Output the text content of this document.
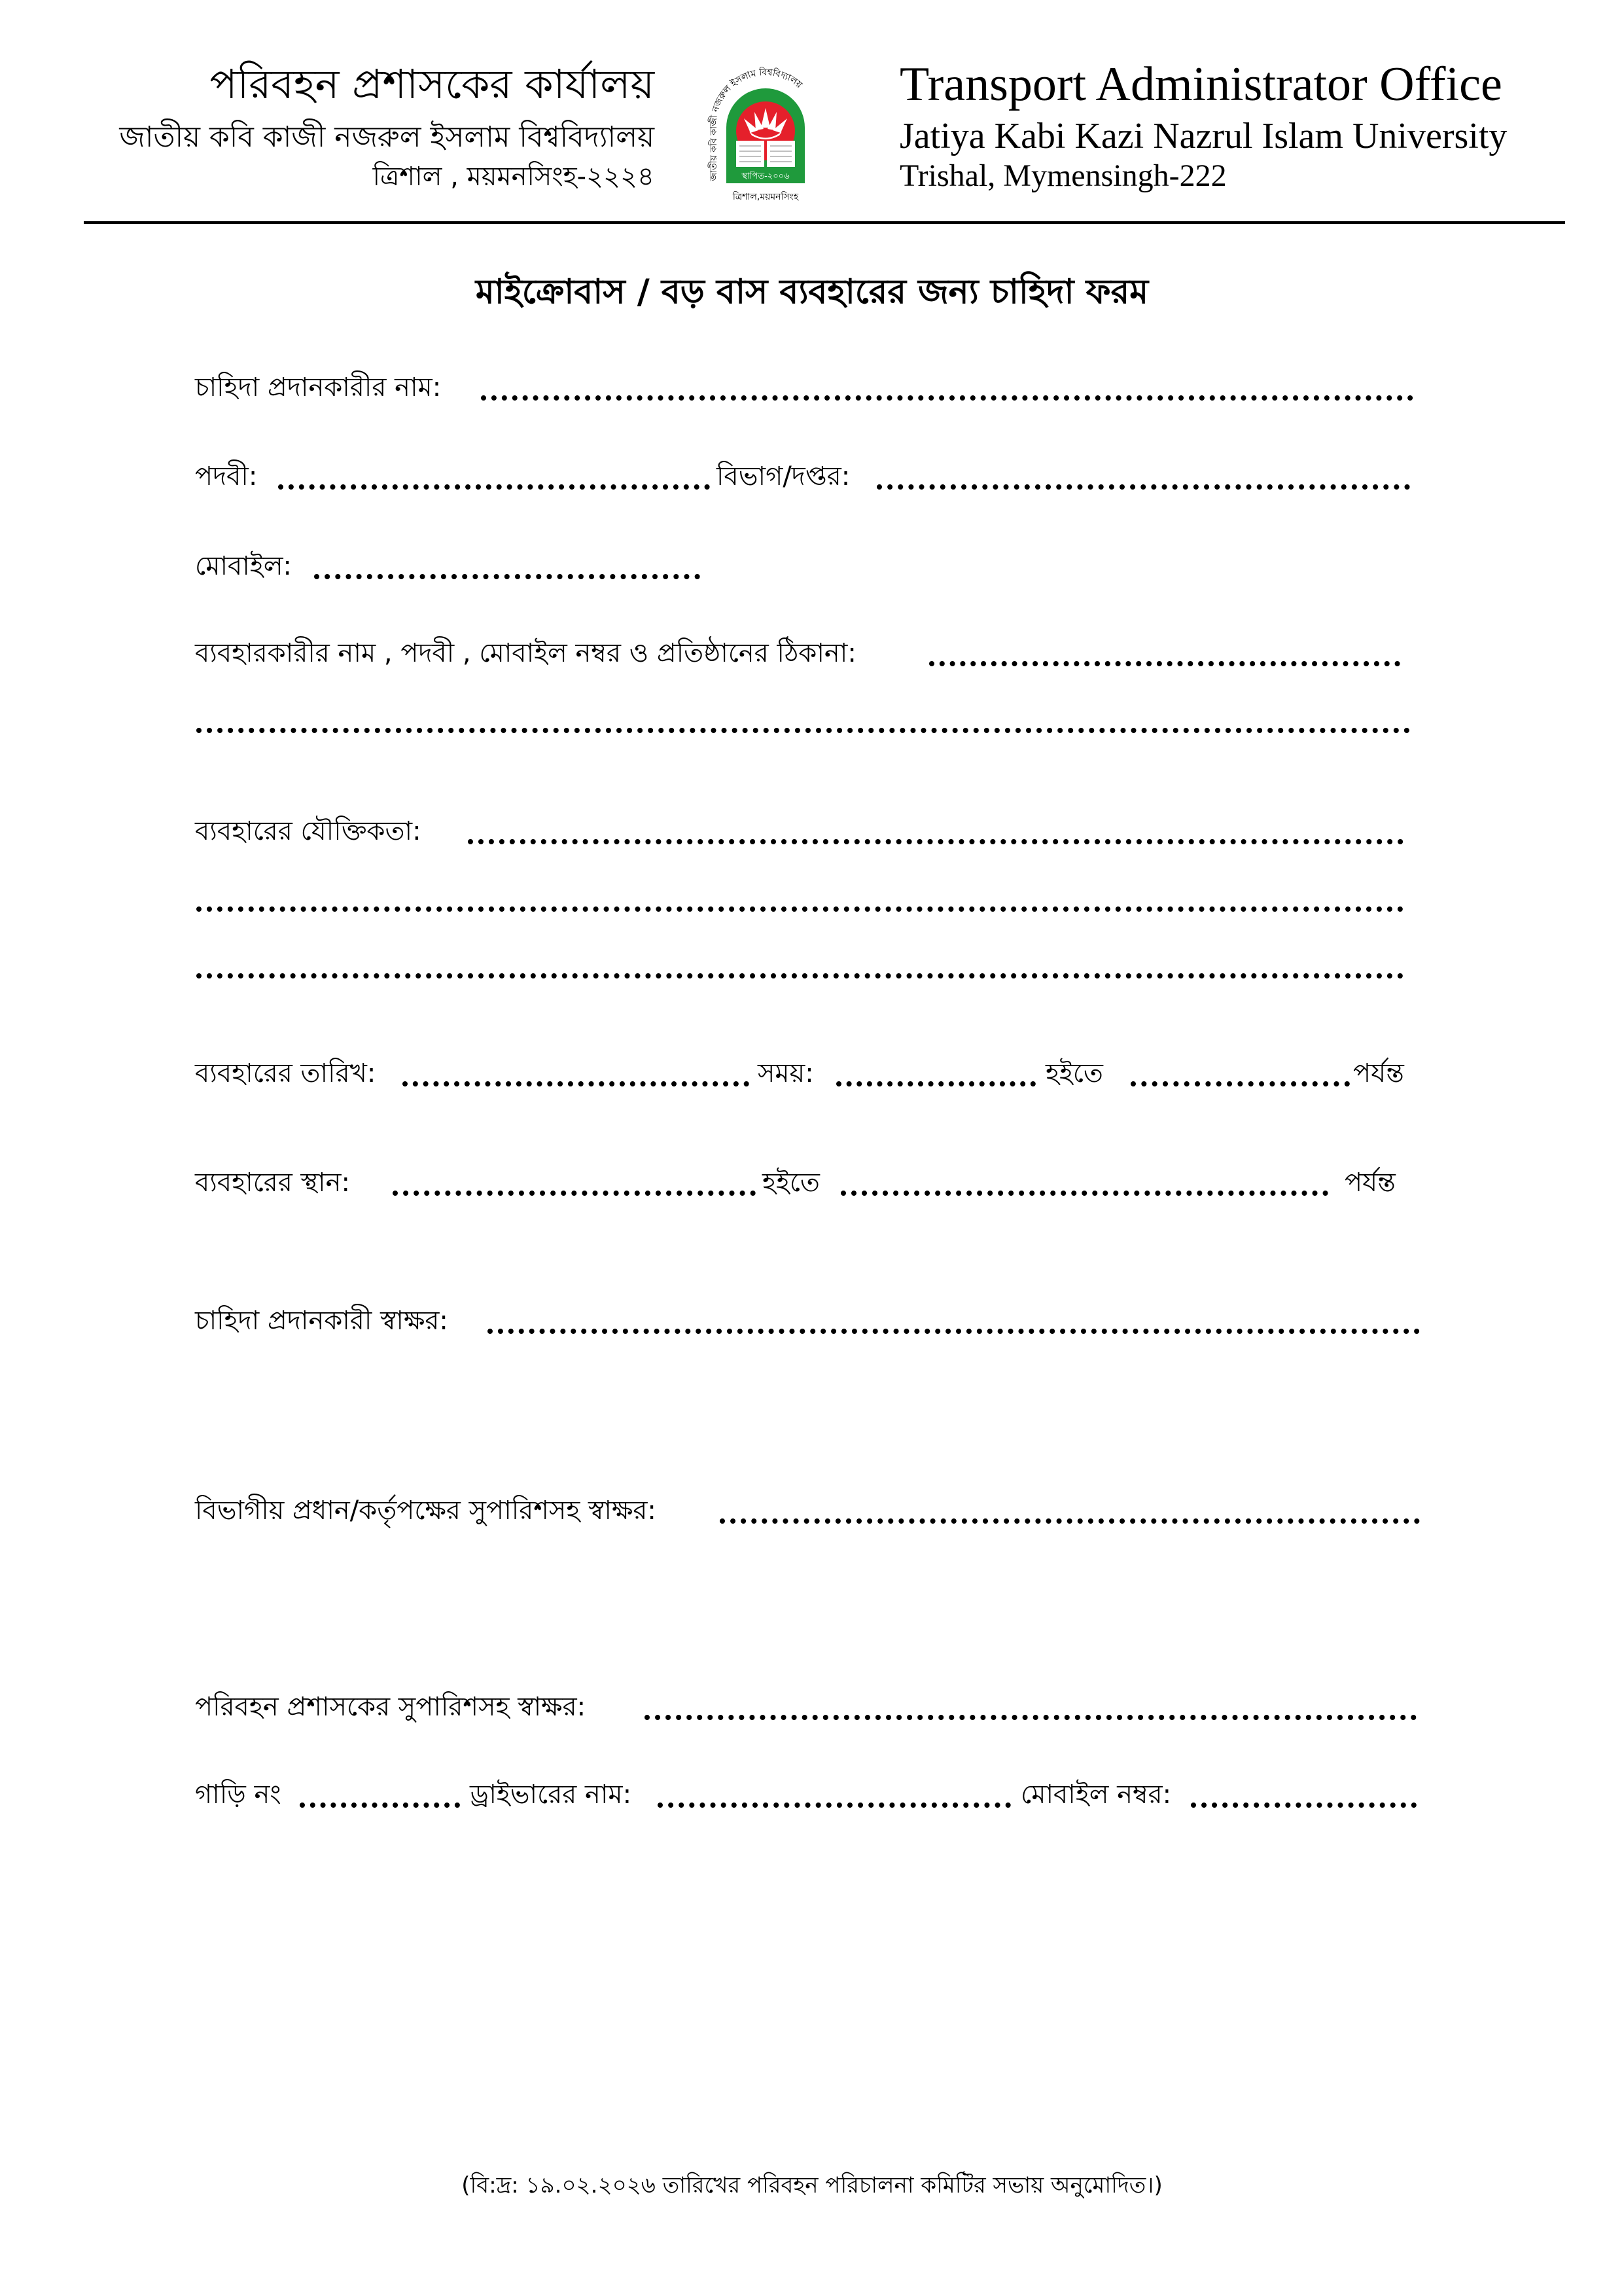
পরিবহন প্রশাসকের কার্যালয়
জাতীয় কবি কাজী নজরুল ইসলাম বিশ্ববিদ্যালয়
ত্রিশাল , ময়মনসিংহ-২২২৪	স্থাপিত-২০০৬
জাতীয় কবি কাজী নজরুল ইসলাম বিশ্ববিদ্যালয়
ত্রিশাল,ময়মনসিংহ
Transport Administrator Office
Jatiya Kabi Kazi Nazrul Islam University
Trishal, Mymensingh-222
মাইক্রোবাস / বড় বাস ব্যবহারের জন্য চাহিদা ফরম
চাহিদা প্রদানকারীর নাম:
পদবী:	বিভাগ/দপ্তর:
মোবাইল:
ব্যবহারকারীর নাম , পদবী , মোবাইল নম্বর ও প্রতিষ্ঠানের ঠিকানা:
ব্যবহারের যৌক্তিকতা:
ব্যবহারের তারিখ:	সময়:	হইতে	পর্যন্ত
ব্যবহারের স্থান:	হইতে	পর্যন্ত
চাহিদা প্রদানকারী স্বাক্ষর:
বিভাগীয় প্রধান/কর্তৃপক্ষের সুপারিশসহ স্বাক্ষর:
পরিবহন প্রশাসকের সুপারিশসহ স্বাক্ষর:
গাড়ি নং	ড্রাইভারের নাম:	মোবাইল নম্বর:
(বি:দ্র: ১৯.০২.২০২৬ তারিখের পরিবহন পরিচালনা কমিটির সভায় অনুমোদিত।)
